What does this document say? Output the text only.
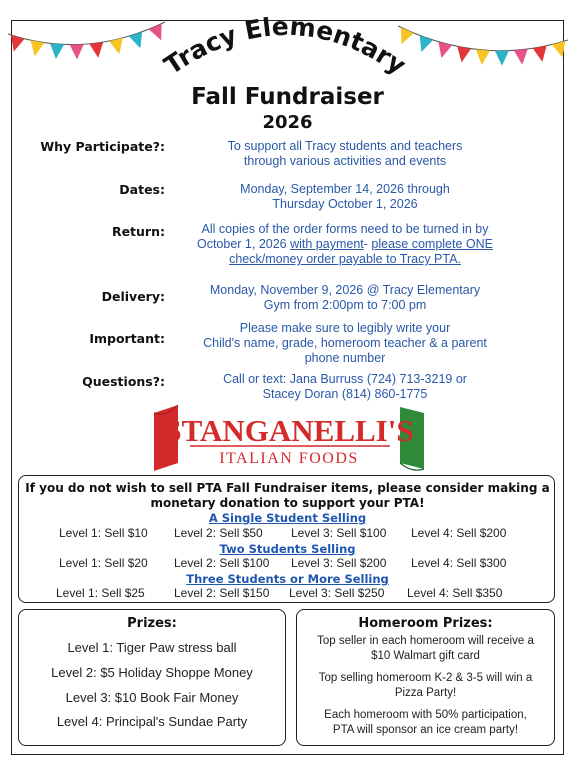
Tracy Elementary
Fall Fundraiser
2026
Why Participate?:	To support all Tracy students and teachers
through various activities and events
Dates:	Monday, September 14, 2026 through
Thursday October 1, 2026
Return:	All copies of the order forms need to be turned in by
October 1, 2026 with payment- please complete ONE
check/money order payable to Tracy PTA.
Delivery:	Monday, November 9, 2026 @ Tracy Elementary
Gym from 2:00pm to 7:00 pm
Important:
Please make sure to legibly write your
Child's name, grade, homeroom teacher & a parent
phone number
Questions?:	Call or text: Jana Burruss (724) 713-3219 or
Stacey Doran (814) 860-1775
STANGANELLI'S
ITALIAN FOODS
If you do not wish to sell PTA Fall Fundraiser items, please consider making a
monetary donation to support your PTA!
A Single Student Selling
Level 1: Sell $10 Level 2: Sell $50 Level 3: Sell $100 Level 4: Sell $200
Two Students Selling
Level 1: Sell $20 Level 2: Sell $100 Level 3: Sell $200 Level 4: Sell $300
Three Students or More Selling
Level 1: Sell $25 Level 2: Sell $150 Level 3: Sell $250 Level 4: Sell $350
Prizes:
Level 1: Tiger Paw stress ball
Level 2: $5 Holiday Shoppe Money
Level 3: $10 Book Fair Money
Level 4: Principal's Sundae Party
Homeroom Prizes:
Top seller in each homeroom will receive a
$10 Walmart gift card
Top selling homeroom K-2 & 3-5 will win a
Pizza Party!
Each homeroom with 50% participation,
PTA will sponsor an ice cream party!
